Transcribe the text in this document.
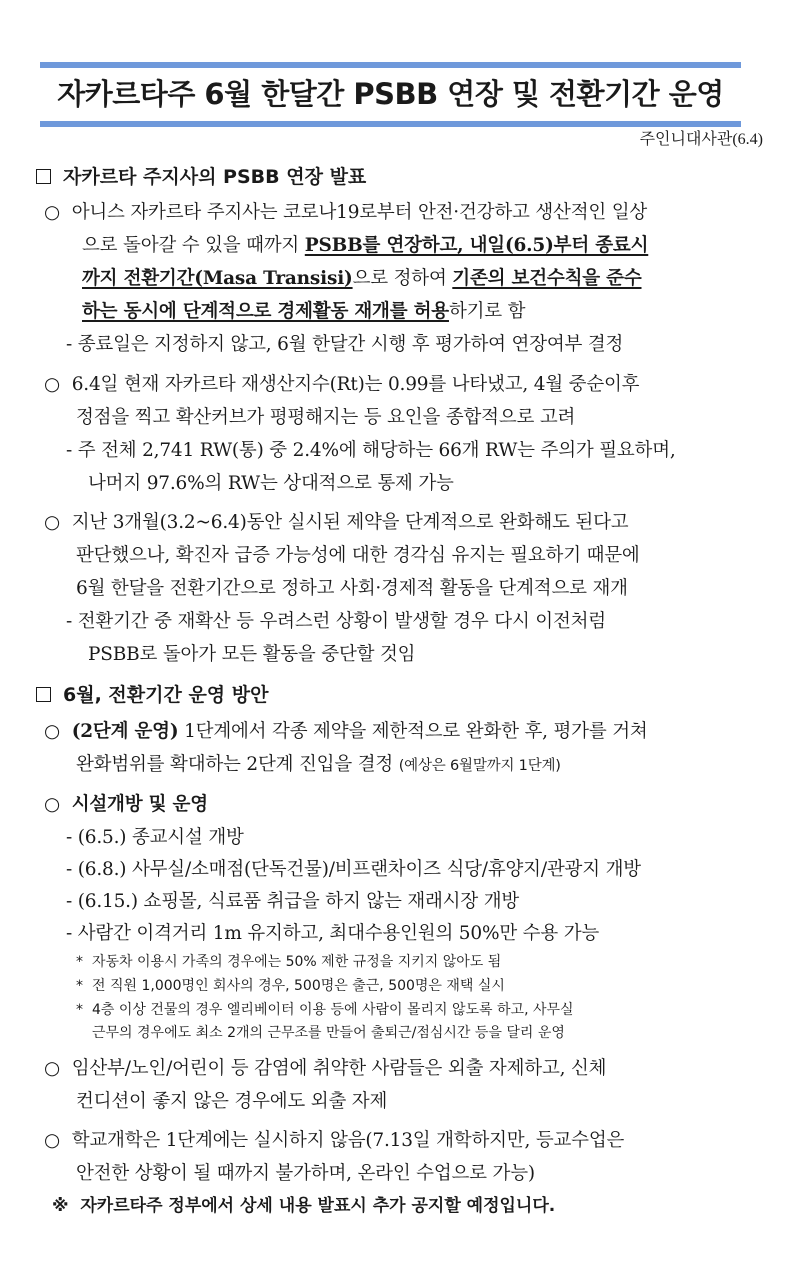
자카르타주 6월 한달간 PSBB 연장 및 전환기간 운영
주인니대사관(6.4)
자카르타 주지사의 PSBB 연장 발표
○ 아니스 자카르타 주지사는 코로나19로부터 안전·건강하고 생산적인 일상
으로 돌아갈 수 있을 때까지 PSBB를 연장하고, 내일(6.5)부터 종료시
까지 전환기간(Masa Transisi)으로 정하여 기존의 보건수칙을 준수
하는 동시에 단계적으로 경제활동 재개를 허용하기로 함
- 종료일은 지정하지 않고, 6월 한달간 시행 후 평가하여 연장여부 결정
○ 6.4일 현재 자카르타 재생산지수(Rt)는 0.99를 나타냈고, 4월 중순이후
정점을 찍고 확산커브가 평평해지는 등 요인을 종합적으로 고려
- 주 전체 2,741 RW(통) 중 2.4%에 해당하는 66개 RW는 주의가 필요하며,
나머지 97.6%의 RW는 상대적으로 통제 가능
○ 지난 3개월(3.2~6.4)동안 실시된 제약을 단계적으로 완화해도 된다고
판단했으나, 확진자 급증 가능성에 대한 경각심 유지는 필요하기 때문에
6월 한달을 전환기간으로 정하고 사회·경제적 활동을 단계적으로 재개
- 전환기간 중 재확산 등 우려스런 상황이 발생할 경우 다시 이전처럼
PSBB로 돌아가 모든 활동을 중단할 것임
6월, 전환기간 운영 방안
○ (2단계 운영) 1단계에서 각종 제약을 제한적으로 완화한 후, 평가를 거쳐
완화범위를 확대하는 2단계 진입을 결정 (예상은 6월말까지 1단계)
○ 시설개방 및 운영
- (6.5.) 종교시설 개방
- (6.8.) 사무실/소매점(단독건물)/비프랜차이즈 식당/휴양지/관광지 개방
- (6.15.) 쇼핑몰, 식료품 취급을 하지 않는 재래시장 개방
- 사람간 이격거리 1m 유지하고, 최대수용인원의 50%만 수용 가능
* 자동차 이용시 가족의 경우에는 50% 제한 규정을 지키지 않아도 됨
* 전 직원 1,000명인 회사의 경우, 500명은 출근, 500명은 재택 실시
* 4층 이상 건물의 경우 엘리베이터 이용 등에 사람이 몰리지 않도록 하고, 사무실
근무의 경우에도 최소 2개의 근무조를 만들어 출퇴근/점심시간 등을 달리 운영
○ 임산부/노인/어린이 등 감염에 취약한 사람들은 외출 자제하고, 신체
컨디션이 좋지 않은 경우에도 외출 자제
○ 학교개학은 1단계에는 실시하지 않음(7.13일 개학하지만, 등교수업은
안전한 상황이 될 때까지 불가하며, 온라인 수업으로 가능)
※ 자카르타주 정부에서 상세 내용 발표시 추가 공지할 예정입니다.
